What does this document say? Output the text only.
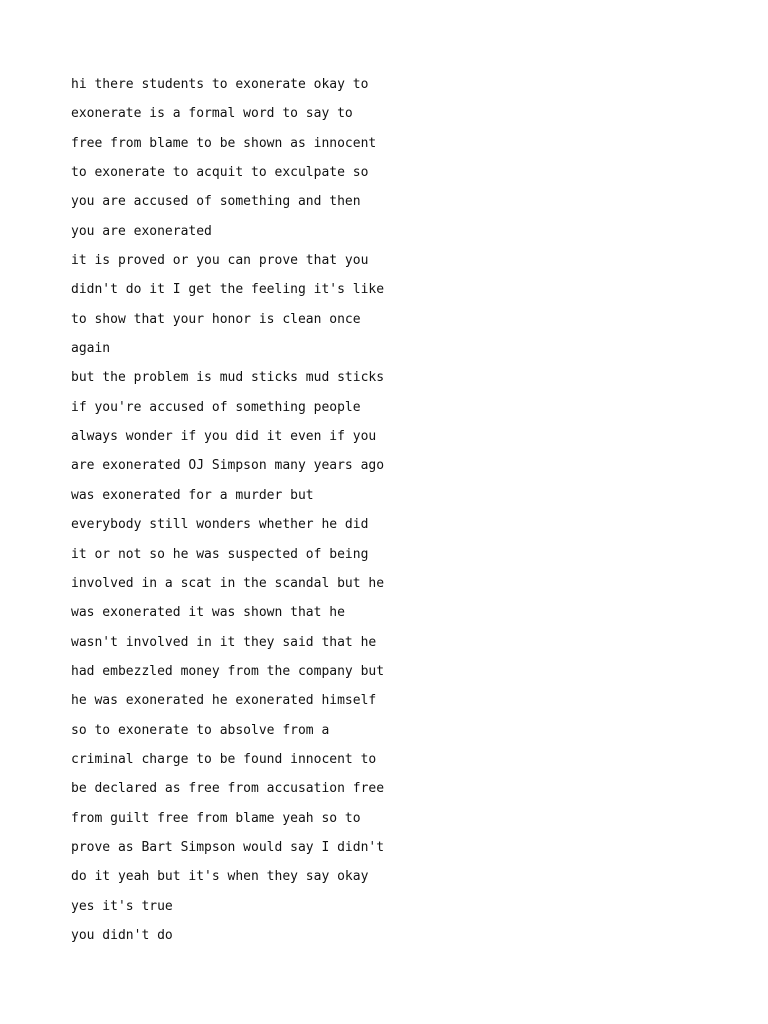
hi there students to exonerate okay to
exonerate is a formal word to say to
free from blame to be shown as innocent
to exonerate to acquit to exculpate so
you are accused of something and then
you are exonerated
it is proved or you can prove that you
didn't do it I get the feeling it's like
to show that your honor is clean once
again
but the problem is mud sticks mud sticks
if you're accused of something people
always wonder if you did it even if you
are exonerated OJ Simpson many years ago
was exonerated for a murder but
everybody still wonders whether he did
it or not so he was suspected of being
involved in a scat in the scandal but he
was exonerated it was shown that he
wasn't involved in it they said that he
had embezzled money from the company but
he was exonerated he exonerated himself
so to exonerate to absolve from a
criminal charge to be found innocent to
be declared as free from accusation free
from guilt free from blame yeah so to
prove as Bart Simpson would say I didn't
do it yeah but it's when they say okay
yes it's true
you didn't do
